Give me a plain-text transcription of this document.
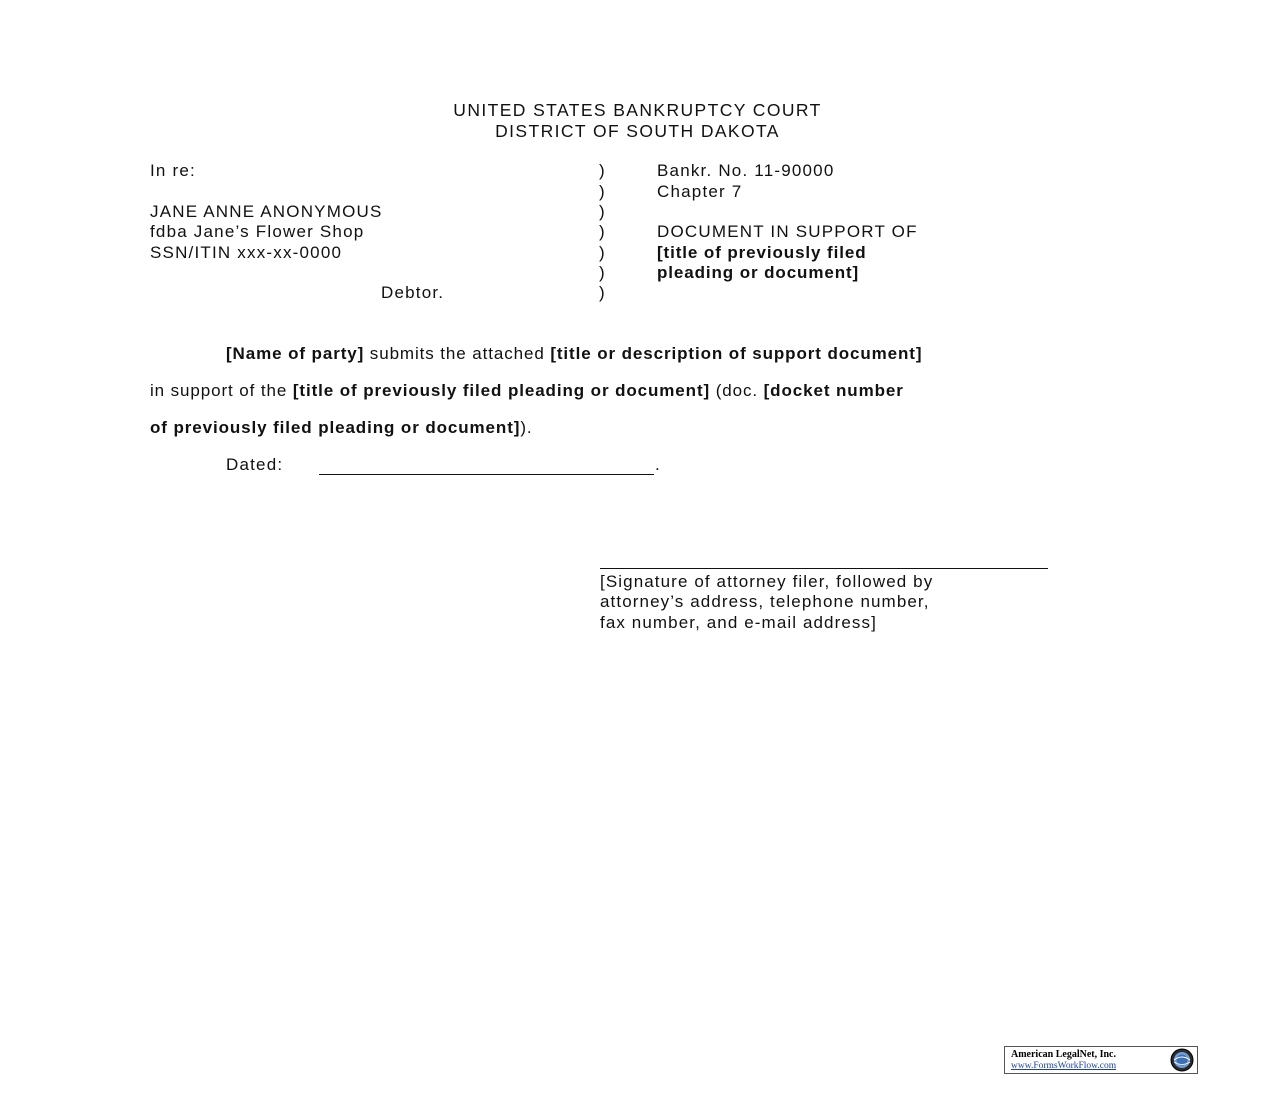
UNITED STATES BANKRUPTCY COURT
DISTRICT OF SOUTH DAKOTA
In re:
JANE ANNE ANONYMOUS
fdba Jane’s Flower Shop
SSN/ITIN xxx-xx-0000
Debtor.
)
)
)
)
)
)
)
Bankr. No. 11-90000
Chapter 7
DOCUMENT IN SUPPORT OF
[title of previously filed
pleading or document]
[Name of party] submits the attached [title or description of support document]
in support of the [title of previously filed pleading or document] (doc. [docket number
of previously filed pleading or document]).
Dated:	.
[Signature of attorney filer, followed by
attorney’s address, telephone number,
fax number, and e-mail address]
American LegalNet, Inc.
www.FormsWorkFlow.com
